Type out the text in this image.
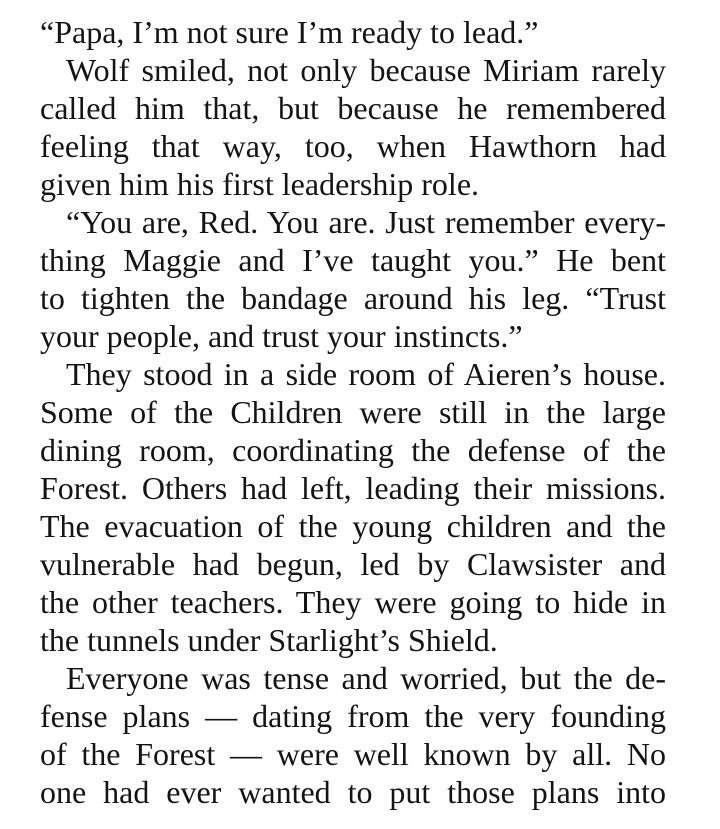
“Papa, I’m not sure I’m ready to lead.”
Wolf smiled, not only because Miriam rarely
called him that, but because he remembered
feeling that way, too, when Hawthorn had
given him his first leadership role.
“You are, Red. You are. Just remember every-
thing Maggie and I’ve taught you.” He bent
to tighten the bandage around his leg. “Trust
your people, and trust your instincts.”
They stood in a side room of Aieren’s house.
Some of the Children were still in the large
dining room, coordinating the defense of the
Forest. Others had left, leading their missions.
The evacuation of the young children and the
vulnerable had begun, led by Clawsister and
the other teachers. They were going to hide in
the tunnels under Starlight’s Shield.
Everyone was tense and worried, but the de-
fense plans — dating from the very founding
of the Forest — were well known by all. No
one had ever wanted to put those plans into
